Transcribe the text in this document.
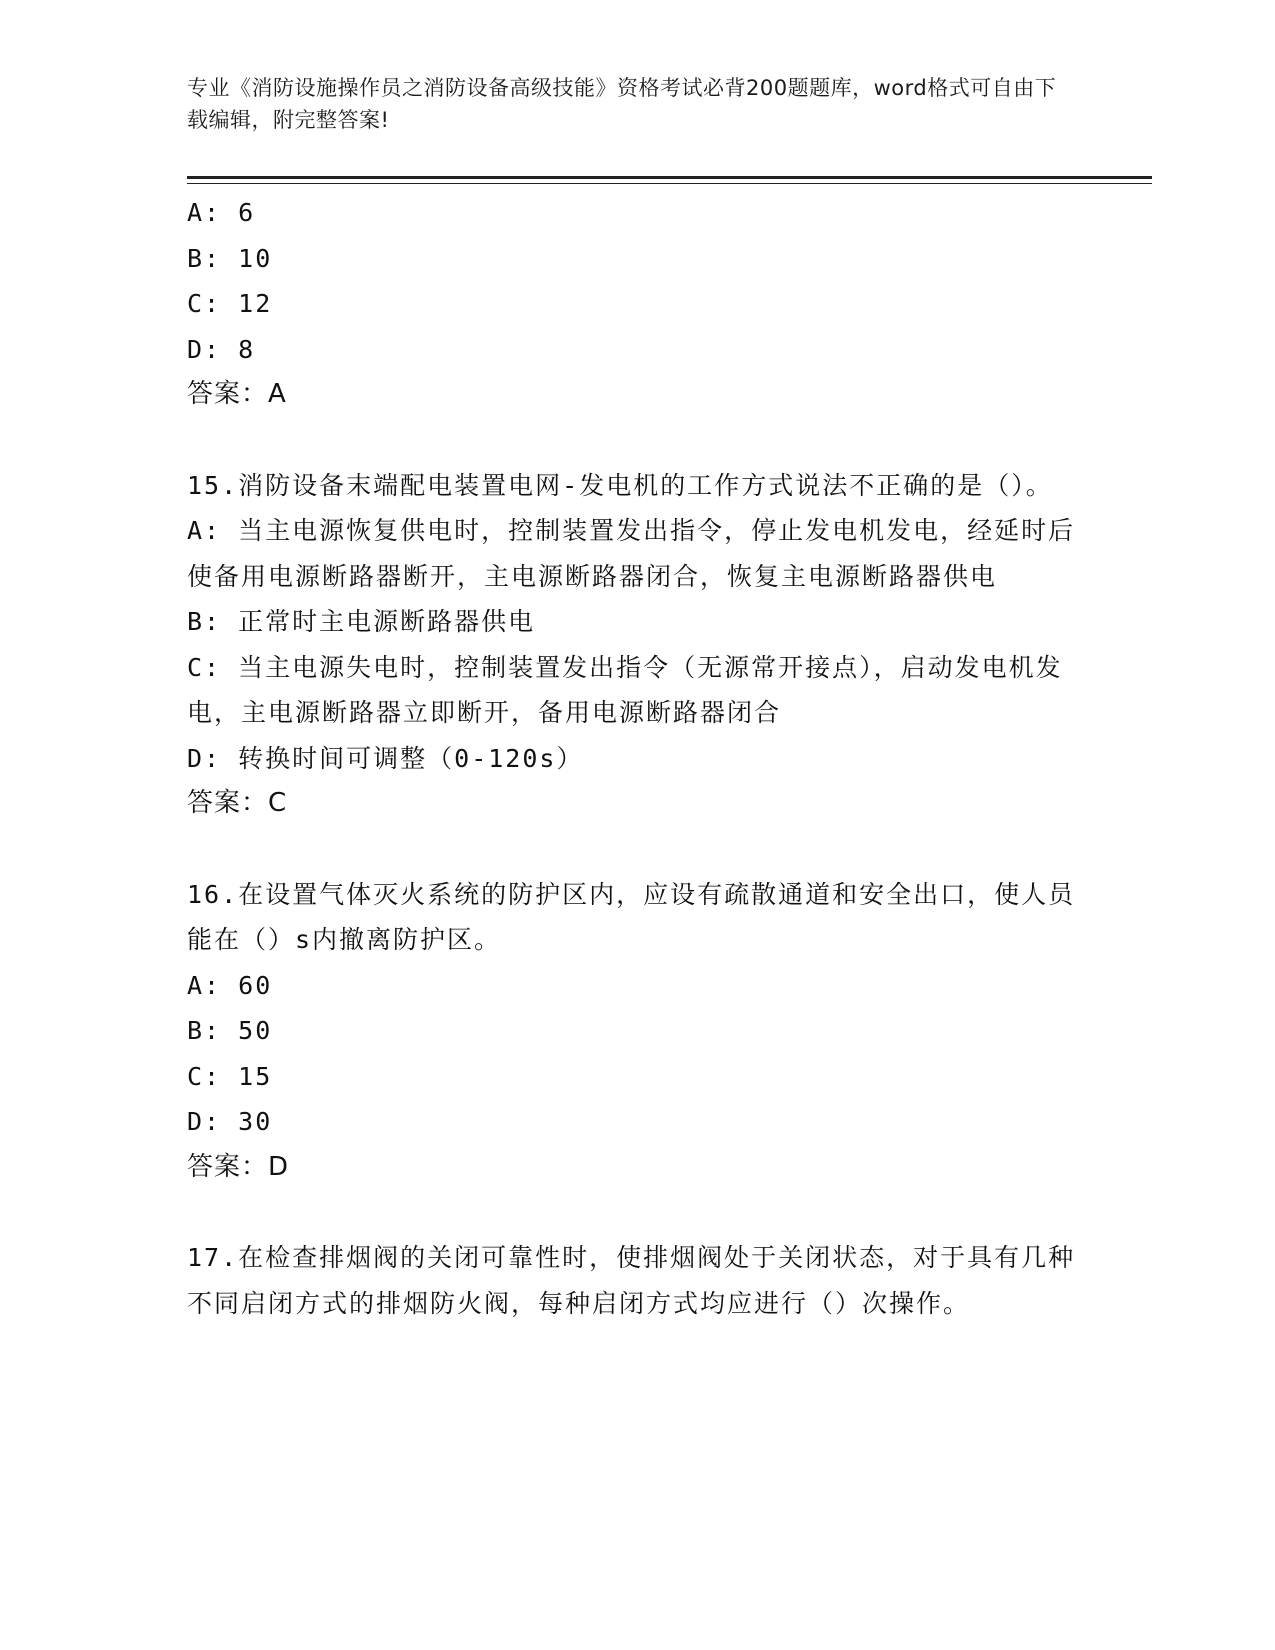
专业《消防设施操作员之消防设备高级技能》资格考试必背200题题库，word格式可自由下载编辑，附完整答案!
A: 6
B: 10
C: 12
D: 8
答案：A
15.消防设备末端配电装置电网-发电机的工作方式说法不正确的是（）。
A: 当主电源恢复供电时，控制装置发出指令，停止发电机发电，经延时后使备用电源断路器断开，主电源断路器闭合，恢复主电源断路器供电
B: 正常时主电源断路器供电
C: 当主电源失电时，控制装置发出指令（无源常开接点），启动发电机发电，主电源断路器立即断开，备用电源断路器闭合
D: 转换时间可调整（0-120s）
答案：C
16.在设置气体灭火系统的防护区内，应设有疏散通道和安全出口，使人员能在（）s内撤离防护区。
A: 60
B: 50
C: 15
D: 30
答案：D
17.在检查排烟阀的关闭可靠性时，使排烟阀处于关闭状态，对于具有几种不同启闭方式的排烟防火阀，每种启闭方式均应进行（）次操作。
